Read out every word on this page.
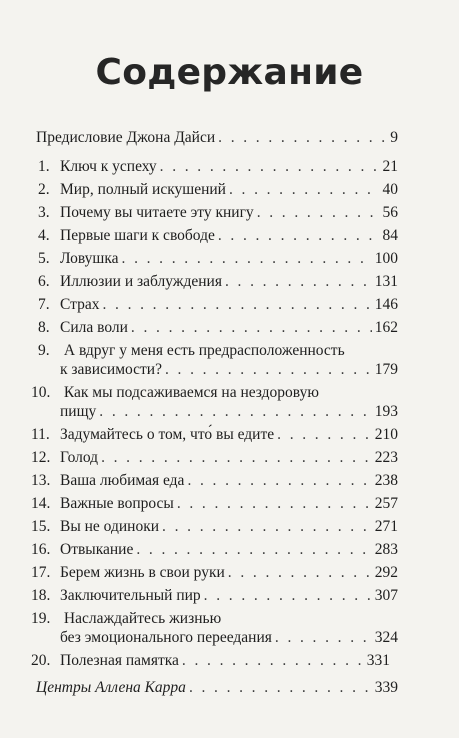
Содержание
Предисловие Джона Дайси . . .	9
1. Ключ к успеху . . .	21
2. Мир, полный искушений . . .	40
3. Почему вы читаете эту книгу . . .	56
4. Первые шаги к свободе . . .	84
5. Ловушка . . .	100
6. Иллюзии и заблуждения . . .	131
7. Страх . . .	146
8. Сила воли . . .	162
9. А вдруг у меня есть предрасположенность
к зависимости? . . .	179
10. Как мы подсаживаемся на нездоровую
пищу . . .	193
11. Задумайтесь о том, что́ вы едите . . .	210
12. Голод . . .	223
13. Ваша любимая еда . . .	238
14. Важные вопросы . . .	257
15. Вы не одиноки . . .	271
16. Отвыкание . . .	283
17. Берем жизнь в свои руки . . .	292
18. Заключительный пир . . .	307
19. Наслаждайтесь жизнью
без эмоционального переедания . . .	324
20. Полезная памятка . . .	331
Центры Аллена Карра . . .	339
